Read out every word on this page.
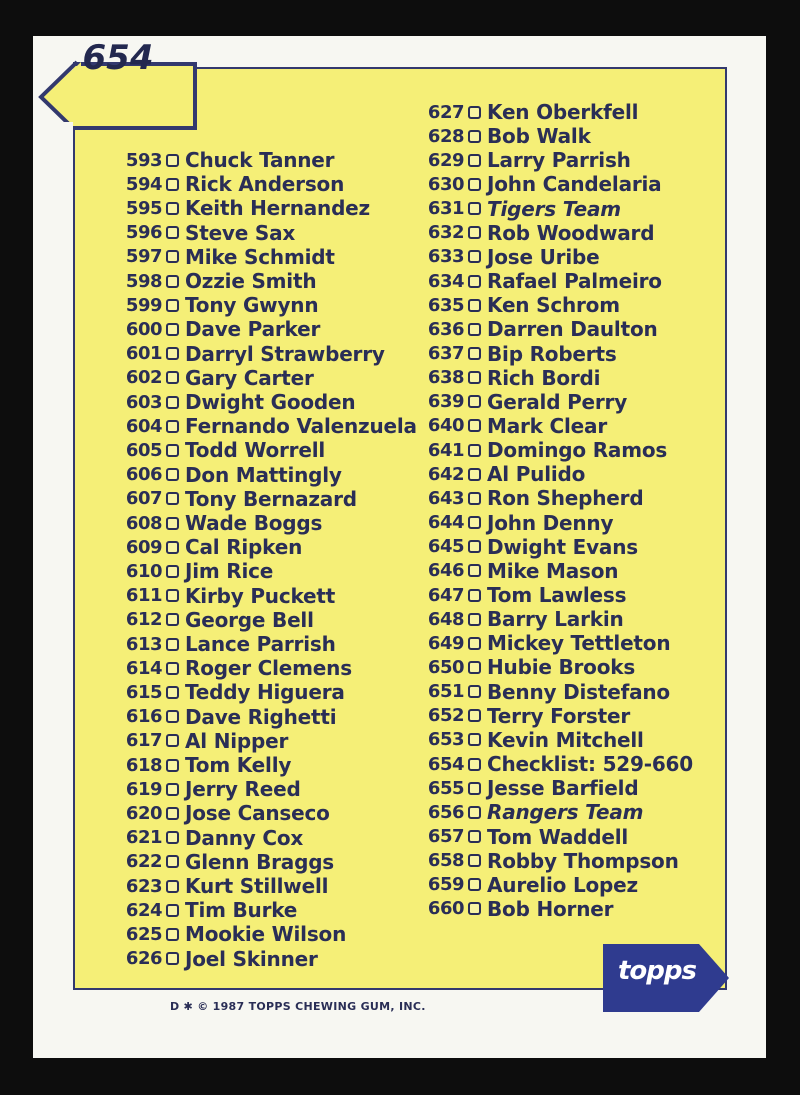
654
593 Chuck Tanner
594 Rick Anderson
595 Keith Hernandez
596 Steve Sax
597 Mike Schmidt
598 Ozzie Smith
599 Tony Gwynn
600 Dave Parker
601 Darryl Strawberry
602 Gary Carter
603 Dwight Gooden
604 Fernando Valenzuela
605 Todd Worrell
606 Don Mattingly
607 Tony Bernazard
608 Wade Boggs
609 Cal Ripken
610 Jim Rice
611 Kirby Puckett
612 George Bell
613 Lance Parrish
614 Roger Clemens
615 Teddy Higuera
616 Dave Righetti
617 Al Nipper
618 Tom Kelly
619 Jerry Reed
620 Jose Canseco
621 Danny Cox
622 Glenn Braggs
623 Kurt Stillwell
624 Tim Burke
625 Mookie Wilson
626 Joel Skinner
627 Ken Oberkfell
628 Bob Walk
629 Larry Parrish
630 John Candelaria
631 Tigers Team
632 Rob Woodward
633 Jose Uribe
634 Rafael Palmeiro
635 Ken Schrom
636 Darren Daulton
637 Bip Roberts
638 Rich Bordi
639 Gerald Perry
640 Mark Clear
641 Domingo Ramos
642 Al Pulido
643 Ron Shepherd
644 John Denny
645 Dwight Evans
646 Mike Mason
647 Tom Lawless
648 Barry Larkin
649 Mickey Tettleton
650 Hubie Brooks
651 Benny Distefano
652 Terry Forster
653 Kevin Mitchell
654 Checklist: 529-660
655 Jesse Barfield
656 Rangers Team
657 Tom Waddell
658 Robby Thompson
659 Aurelio Lopez
660 Bob Horner
D ✱ © 1987 TOPPS CHEWING GUM, INC.
topps
